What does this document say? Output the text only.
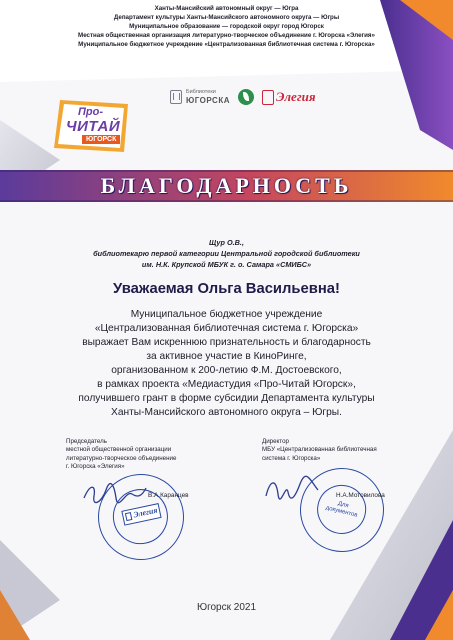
Ханты-Мансийский автономный округ — Югра

Департамент культуры Ханты-Мансийского автономного округа — Югры

Муниципальное образование — городской округ город Югорск

Местная общественная организация литературно-творческое объединение г. Югорска «Элегия»

Муниципальное бюджетное учреждение «Централизованная библиотечная система г. Югорска»

Библиотеки
ЮГОРСКА	Элегия
Про-
ЧИТАЙ
ЮГОРСК
БЛАГОДАРНОСТЬ

Щур О.В.,

библиотекарю первой категории Центральной городской библиотеки

им. Н.К. Крупской МБУК г. о. Самара «СМИБС»

Уважаемая Ольга Васильевна!

Муниципальное бюджетное учреждение

«Централизованная библиотечная система г. Югорска»

выражает Вам искреннюю признательность и благодарность

за активное участие в КиноРинге,

организованном к 200-летию Ф.М. Достоевского,

в рамках проекта «Медиастудия «Про-Читай Югорск»,

получившего грант в форме субсидии Департамента культуры

Ханты-Мансийского автономного округа – Югры.

Председатель
местной общественной организации
литературно-творческое объединение
г. Югорска «Элегия»
Элегия
В.А.Каранцев
Директор
МБУ «Централизованная библиотечная
система г. Югорска»
Для документов
Н.А.Мотовилова
Югорск 2021
